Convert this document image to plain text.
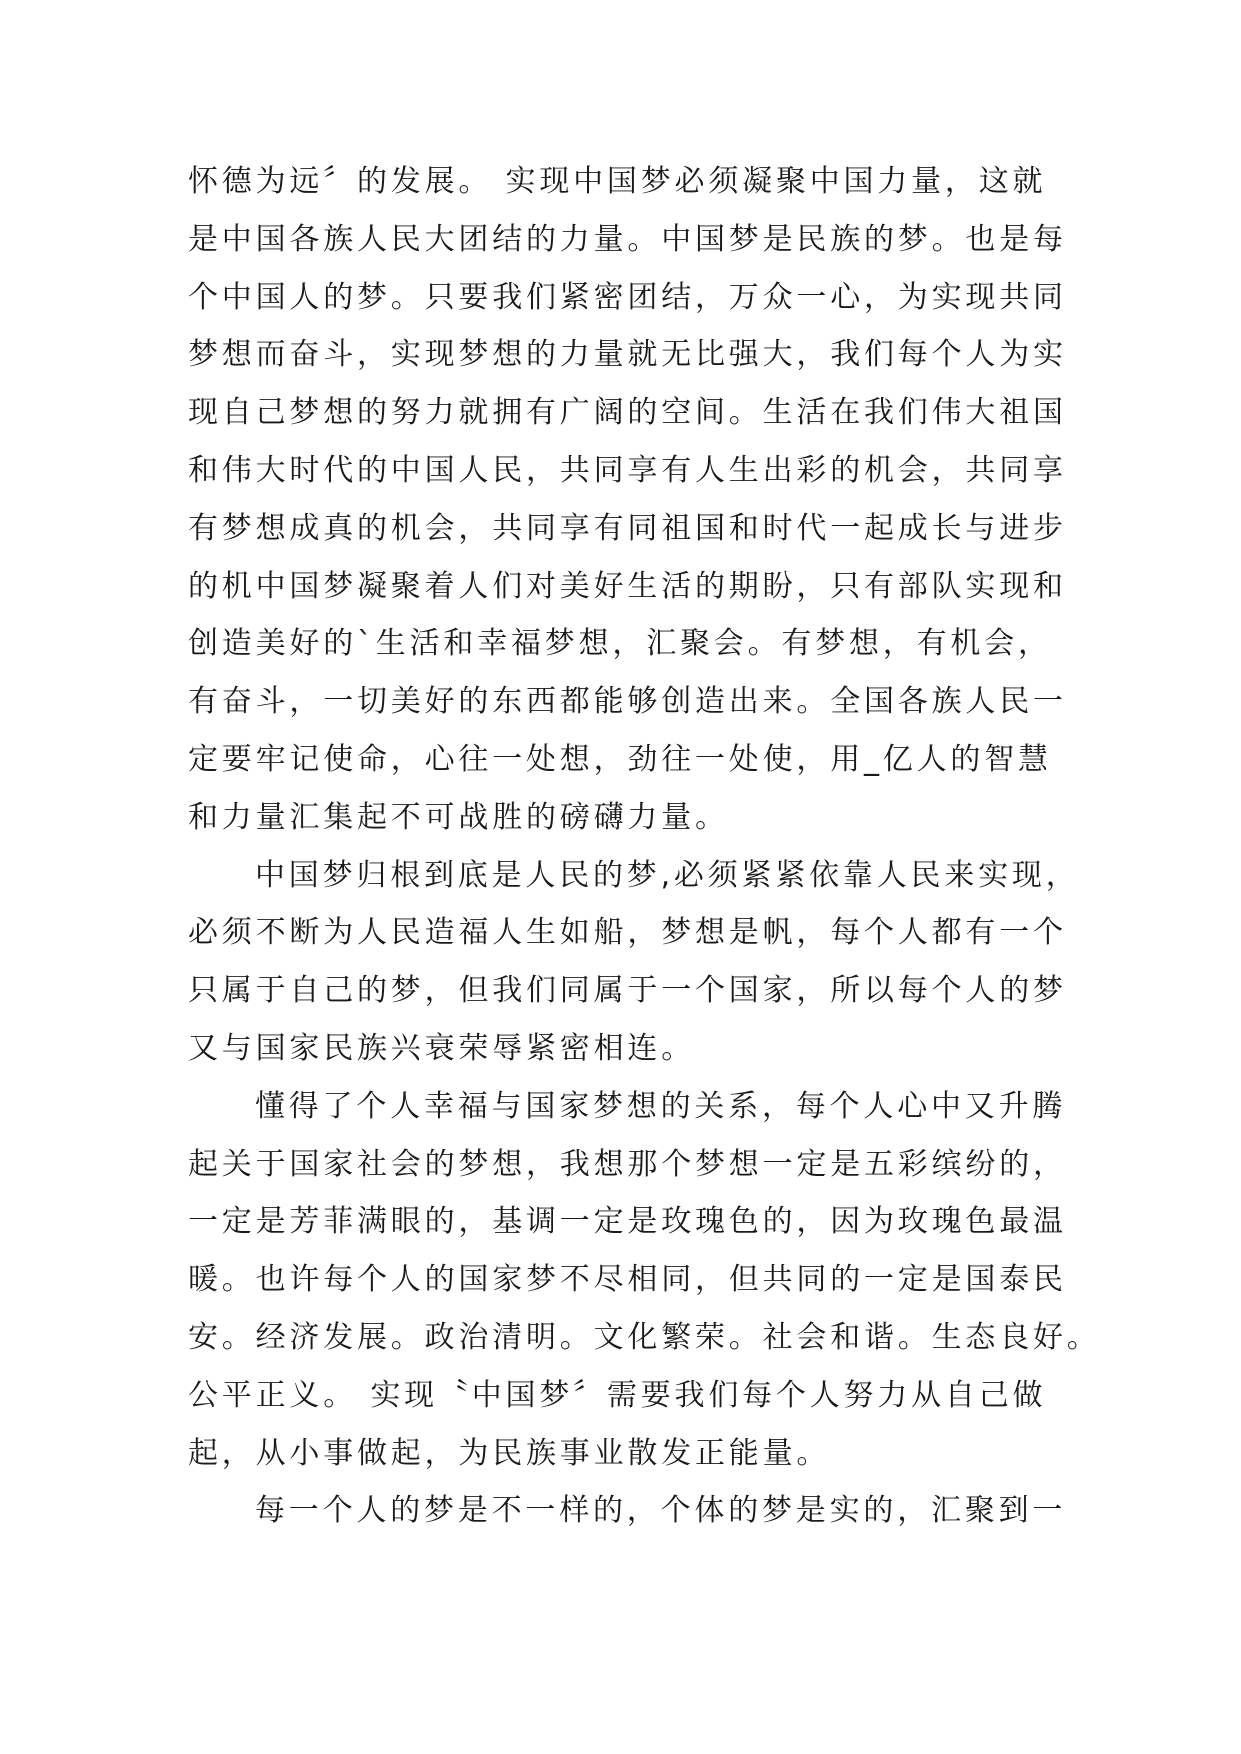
怀德为远〞的发展。 实现中国梦必须凝聚中国力量，这就
是中国各族人民大团结的力量。中国梦是民族的梦。也是每
个中国人的梦。只要我们紧密团结，万众一心，为实现共同
梦想而奋斗，实现梦想的力量就无比强大，我们每个人为实
现自己梦想的努力就拥有广阔的空间。生活在我们伟大祖国
和伟大时代的中国人民，共同享有人生出彩的机会，共同享
有梦想成真的机会，共同享有同祖国和时代一起成长与进步
的机中国梦凝聚着人们对美好生活的期盼，只有部队实现和
创造美好的`生活和幸福梦想，汇聚会。有梦想，有机会，
有奋斗，一切美好的东西都能够创造出来。全国各族人民一
定要牢记使命，心往一处想，劲往一处使，用_亿人的智慧
和力量汇集起不可战胜的磅礴力量。
中国梦归根到底是人民的梦,必须紧紧依靠人民来实现，
必须不断为人民造福人生如船，梦想是帆，每个人都有一个
只属于自己的梦，但我们同属于一个国家，所以每个人的梦
又与国家民族兴衰荣辱紧密相连。
懂得了个人幸福与国家梦想的关系，每个人心中又升腾
起关于国家社会的梦想，我想那个梦想一定是五彩缤纷的，
一定是芳菲满眼的，基调一定是玫瑰色的，因为玫瑰色最温
暖。也许每个人的国家梦不尽相同，但共同的一定是国泰民
安。经济发展。政治清明。文化繁荣。社会和谐。生态良好。
公平正义。 实现〝中国梦〞需要我们每个人努力从自己做
起，从小事做起，为民族事业散发正能量。
每一个人的梦是不一样的，个体的梦是实的，汇聚到一
